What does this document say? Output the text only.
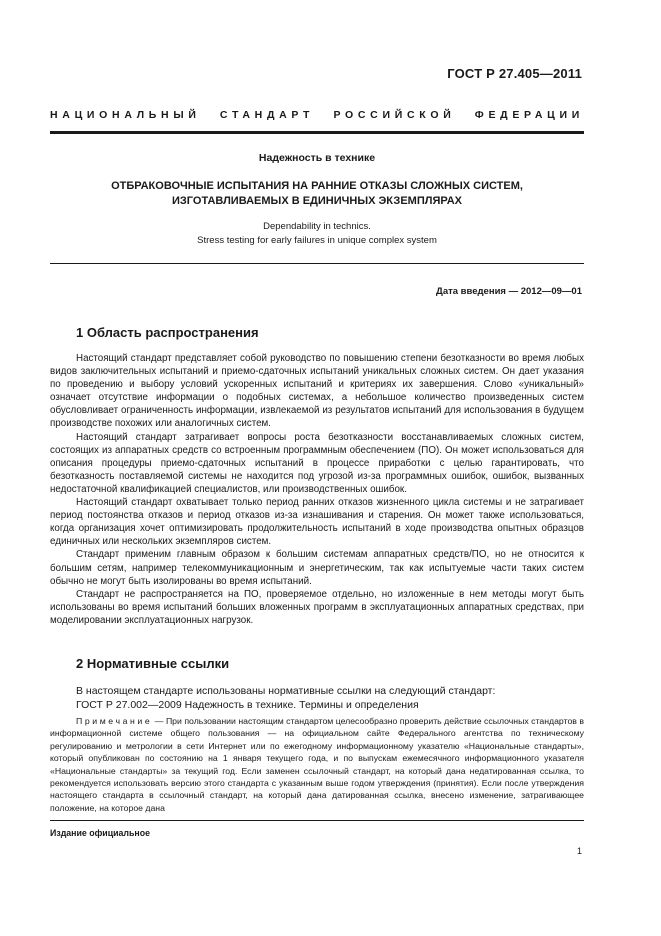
ГОСТ Р 27.405—2011
НАЦИОНАЛЬНЫЙ СТАНДАРТ РОССИЙСКОЙ ФЕДЕРАЦИИ
Надежность в технике
ОТБРАКОВОЧНЫЕ ИСПЫТАНИЯ НА РАННИЕ ОТКАЗЫ СЛОЖНЫХ СИСТЕМ,
ИЗГОТАВЛИВАЕМЫХ В ЕДИНИЧНЫХ ЭКЗЕМПЛЯРАХ
Dependability in technics.
Stress testing for early failures in unique complex system
Дата введения — 2012—09—01
1 Область распространения

Настоящий стандарт представляет собой руководство по повышению степени безотказности во время любых видов заключительных испытаний и приемо-сдаточных испытаний уникальных сложных систем. Он дает указания по проведению и выбору условий ускоренных испытаний и критериях их завершения. Слово «уникальный» означает отсутствие информации о подобных системах, а небольшое количество произведенных систем обусловливает ограниченность информации, извлекаемой из результатов испытаний для использования в будущем производстве похожих или аналогичных систем.

Настоящий стандарт затрагивает вопросы роста безотказности восстанавливаемых сложных систем, состоящих из аппаратных средств со встроенным программным обеспечением (ПО). Он может использоваться для описания процедуры приемо-сдаточных испытаний в процессе приработки с целью гарантировать, что безотказность поставляемой системы не находится под угрозой из-за программных ошибок, ошибок, вызванных недостаточной квалификацией специалистов, или производственных ошибок.

Настоящий стандарт охватывает только период ранних отказов жизненного цикла системы и не затрагивает период постоянства отказов и период отказов из-за изнашивания и старения. Он может также использоваться, когда организация хочет оптимизировать продолжительность испытаний в ходе производства опытных образцов единичных или нескольких экземпляров систем.

Стандарт применим главным образом к большим системам аппаратных средств/ПО, но не относится к большим сетям, например телекоммуникационным и энергетическим, так как испытуемые части таких систем обычно не могут быть изолированы во время испытаний.

Стандарт не распространяется на ПО, проверяемое отдельно, но изложенные в нем методы могут быть использованы во время испытаний больших вложенных программ в эксплуатационных аппаратных средствах, при моделировании эксплуатационных нагрузок.

2 Нормативные ссылки
В настоящем стандарте использованы нормативные ссылки на следующий стандарт:
ГОСТ Р 27.002—2009 Надежность в технике. Термины и определения

Примечание — При пользовании настоящим стандартом целесообразно проверить действие ссылочных стандартов в информационной системе общего пользования — на официальном сайте Федерального агентства по техническому регулированию и метрологии в сети Интернет или по ежегодному информационному указателю «Национальные стандарты», который опубликован по состоянию на 1 января текущего года, и по выпускам ежемесячного информационного указателя «Национальные стандарты» за текущий год. Если заменен ссылочный стандарт, на который дана недатированная ссылка, то рекомендуется использовать версию этого стандарта с указанным выше годом утверждения (принятия). Если после утверждения настоящего стандарта в ссылочный стандарт, на который дана датированная ссылка, внесено изменение, затрагивающее положение, на которое дана

Издание официальное
1
